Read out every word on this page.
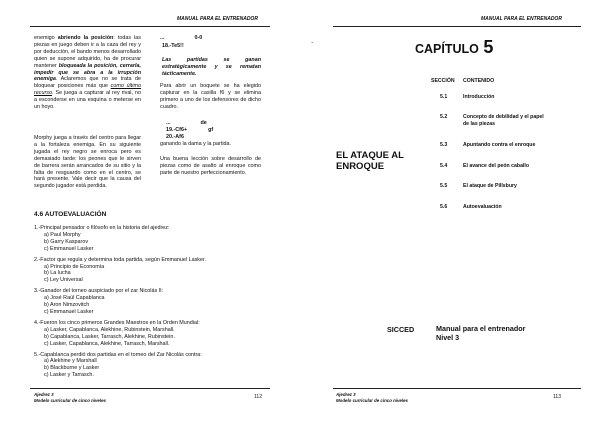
MANUAL PARA EL ENTRENADOR
enemigo abriendo la posición: todas las piezas en juego deben ir a la caza del rey y por deducción, el bando menos desarrollado quien se supone adquirido, ha de procurar mantener bloqueada la posición, cerrarla, impedir que se abra a la irrupción enemiga. Aclaremos que no se trata de bloquear posiciones más que como último recurso. Se juega a capturar al rey rival, no a esconderse en una esquina o meterse en un hoyo.
Morphy juega a través del centro para llegar a la fortaleza enemiga. En su siguiente jugada el rey negro se enroca pero es demasiado tarde: los peones que le sirven de barrera serán arrancados de su sitio y la falta de resguardo como en el centro, se hará presente. Vale decir que la causa del segundo jugador está perdida.
...                    0-0
18.-Te5!!
Las partidas se ganan estratégicamente y se rematan tácticamente.
Para abrir un boquete se ha elegido capturar en la casilla f6 y se elimina primero a uno de los defensores de dicho cuadro.
...                    de
19.-Cf6+              gf
20.-Af6
ganando la dama y la partida.
Una buena lección sobre desarrollo de piezas como de asalto al enroque como parte de nuestro perfeccionamiento.
4.6 AUTOEVALUACIÓN
1.-Principal pensador o filósofo en la historia del ajedrez:
a) Paul Morphy
b) Garry Kasparov
c) Emmanuel Lasker
2.-Factor que regula y determina toda partida, según Emmanuel Lasker.
a) Principio de Economía
b) La lucha
c) Ley Universal
3.-Ganador del torneo auspiciado por el zar Nicolás II:
a) José Raúl Capablanca
b) Aron Nimzovitch
c) Emmanuel Lasker
4.-Fueron los cinco primeros Grandes Maestros en la Orden Mundial:
a) Lasker, Capablanca, Alekhine, Rubinstein, Marshall.
b) Capablanca, Lasker, Tarrasch, Alekhine, Rubinstein.
c) Lasker, Capablanca, Alekhine, Tarrasch, Marshall.
5.-Capablanca perdió dos partidas en el torneo del Zar Nicolás contra:
a) Alekhine y Marshall
b) Blackburne y Lasker
c) Lasker y Tarrasch.
Ajedrez 3
Modelo curricular de cinco niveles
112
MANUAL PARA EL ENTRENADOR
.
CAPÍTULO 5
EL ATAQUE AL
ENROQUE
SECCIÓN CONTENIDO
5.1	Introducción
5.2	Concepto de debilidad y el papel de las piezas
5.3	Apuntando contra el enroque
5.4	El avance del peón caballo
5.5	El ataque de Pillsbury
5.6	Autoevaluación
SICCED	Manual para el entrenador
Nivel 3
Ajedrez 3
Modelo curricular de cinco niveles
113
